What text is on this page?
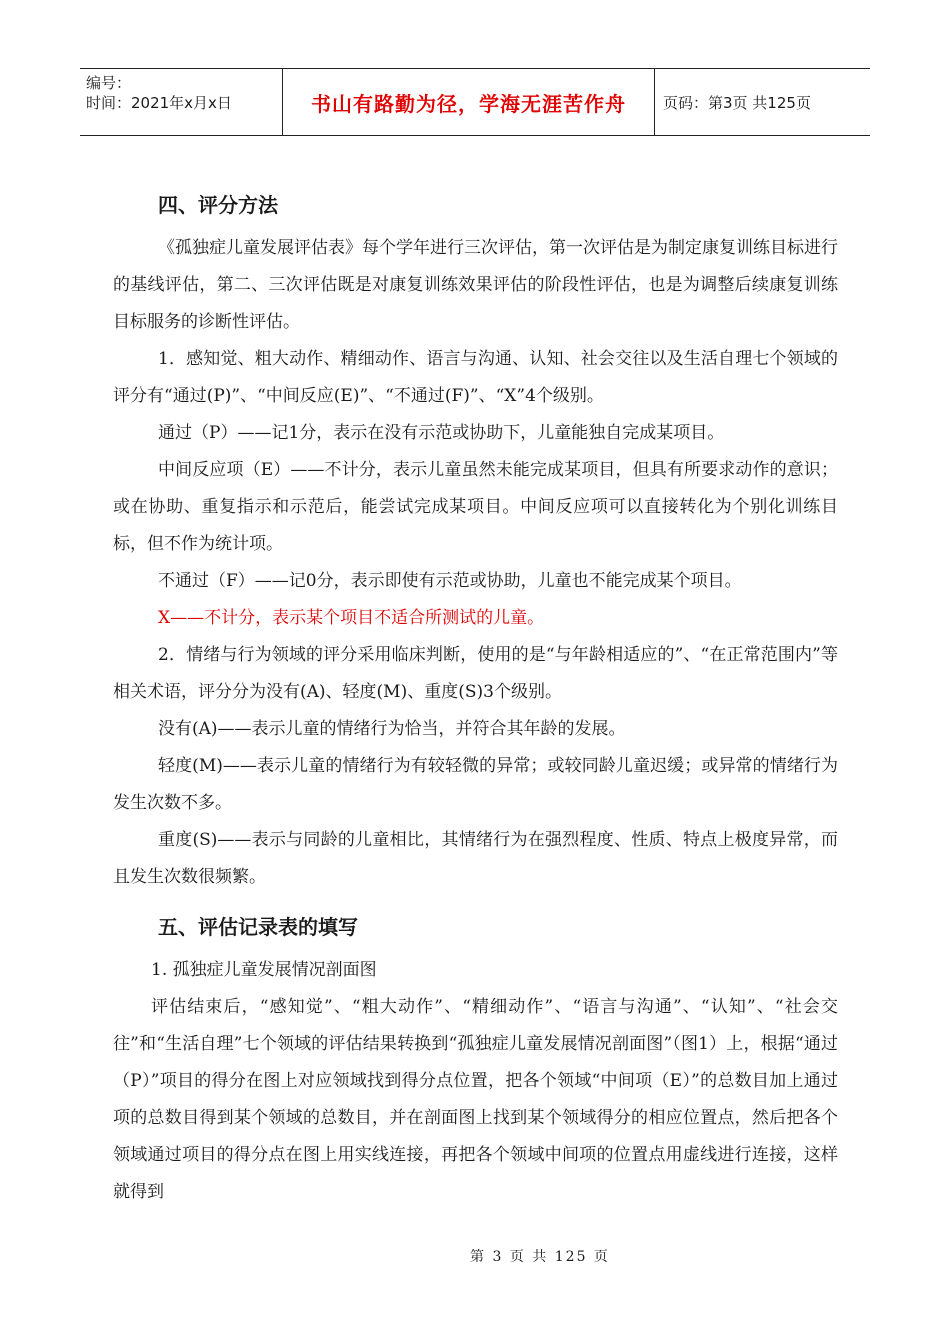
编号：
时间：2021年x月x日	书山有路勤为径，学海无涯苦作舟	页码：第3页 共125页
四、评分方法

《孤独症儿童发展评估表》每个学年进行三次评估，第一次评估是为制定康复训练目标进行的基线评估，第二、三次评估既是对康复训练效果评估的阶段性评估，也是为调整后续康复训练目标服务的诊断性评估。

1．感知觉、粗大动作、精细动作、语言与沟通、认知、社会交往以及生活自理七个领域的评分有“通过(P)”、“中间反应(E)”、“不通过(F)”、“X”4个级别。

通过（P）——记1分，表示在没有示范或协助下，儿童能独自完成某项目。

中间反应项（E）——不计分，表示儿童虽然未能完成某项目，但具有所要求动作的意识；或在协助、重复指示和示范后，能尝试完成某项目。中间反应项可以直接转化为个别化训练目标，但不作为统计项。

不通过（F）——记0分，表示即使有示范或协助，儿童也不能完成某个项目。

X——不计分，表示某个项目不适合所测试的儿童。

2．情绪与行为领域的评分采用临床判断，使用的是“与年龄相适应的”、“在正常范围内”等相关术语，评分分为没有(A)、轻度(M)、重度(S)3个级别。

没有(A)——表示儿童的情绪行为恰当，并符合其年龄的发展。

轻度(M)——表示儿童的情绪行为有较轻微的异常；或较同龄儿童迟缓；或异常的情绪行为发生次数不多。

重度(S)——表示与同龄的儿童相比，其情绪行为在强烈程度、性质、特点上极度异常，而且发生次数很频繁。

五、评估记录表的填写

1. 孤独症儿童发展情况剖面图

评估结束后，“感知觉”、“粗大动作”、“精细动作”、“语言与沟通”、“认知”、“社会交往”和“生活自理”七个领域的评估结果转换到“孤独症儿童发展情况剖面图”（图1）上，根据“通过（P）”项目的得分在图上对应领域找到得分点位置，把各个领域“中间项（E）”的总数目加上通过项的总数目得到某个领域的总数目，并在剖面图上找到某个领域得分的相应位置点，然后把各个领域通过项目的得分点在图上用实线连接，再把各个领域中间项的位置点用虚线进行连接，这样就得到

第 3 页 共 125 页
